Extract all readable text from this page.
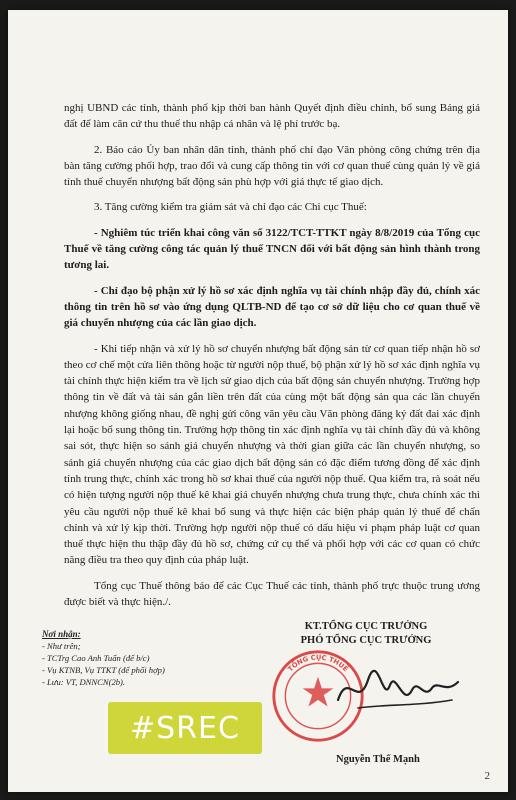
nghị UBND các tỉnh, thành phố kịp thời ban hành Quyết định điều chỉnh, bổ sung Bảng giá đất để làm căn cứ thu thuế thu nhập cá nhân và lệ phí trước bạ.

2. Báo cáo Ủy ban nhân dân tỉnh, thành phố chỉ đạo Văn phòng công chứng trên địa bàn tăng cường phối hợp, trao đổi và cung cấp thông tin với cơ quan thuế cùng quản lý về giá tính thuế chuyển nhượng bất động sản phù hợp với giá thực tế giao dịch.

3. Tăng cường kiểm tra giám sát và chỉ đạo các Chi cục Thuế:

- Nghiêm túc triển khai công văn số 3122/TCT-TTKT ngày 8/8/2019 của Tổng cục Thuế về tăng cường công tác quản lý thuế TNCN đối với bất động sản hình thành trong tương lai.

- Chỉ đạo bộ phận xử lý hồ sơ xác định nghĩa vụ tài chính nhập đầy đủ, chính xác thông tin trên hồ sơ vào ứng dụng QLTB-ND để tạo cơ sở dữ liệu cho cơ quan thuế về giá chuyển nhượng của các lần giao dịch.

- Khi tiếp nhận và xử lý hồ sơ chuyển nhượng bất động sản từ cơ quan tiếp nhận hồ sơ theo cơ chế một cửa liên thông hoặc từ người nộp thuế, bộ phận xử lý hồ sơ xác định nghĩa vụ tài chính thực hiện kiểm tra về lịch sử giao dịch của bất động sản chuyển nhượng. Trường hợp thông tin về đất và tài sản gắn liền trên đất của cùng một bất động sản qua các lần chuyển nhượng không giống nhau, đề nghị gửi công văn yêu cầu Văn phòng đăng ký đất đai xác định lại hoặc bổ sung thông tin. Trường hợp thông tin xác định nghĩa vụ tài chính đầy đủ và không sai sót, thực hiện so sánh giá chuyển nhượng và thời gian giữa các lần chuyển nhượng, so sánh giá chuyển nhượng của các giao dịch bất động sản có đặc điểm tương đồng để xác định tính trung thực, chính xác trong hồ sơ khai thuế của người nộp thuế. Qua kiểm tra, rà soát nếu có hiện tượng người nộp thuế kê khai giá chuyển nhượng chưa trung thực, chưa chính xác thì yêu cầu người nộp thuế kê khai bổ sung và thực hiện các biện pháp quản lý thuế để chấn chỉnh và xử lý kịp thời. Trường hợp người nộp thuế có dấu hiệu vi phạm pháp luật cơ quan thuế thực hiện thu thập đầy đủ hồ sơ, chứng cứ cụ thể và phối hợp với các cơ quan có chức năng điều tra theo quy định của pháp luật.

Tổng cục Thuế thông báo để các Cục Thuế các tỉnh, thành phố trực thuộc trung ương được biết và thực hiện./.

KT.TỔNG CỤC TRƯỞNG
PHÓ TỔNG CỤC TRƯỞNG
TỔNG CỤC THUẾ
Nguyễn Thế Mạnh
Nơi nhận:
- Như trên;
- TCTrg Cao Anh Tuấn (để b/c)
- Vụ KTNB, Vụ TTKT (để phối hợp)
- Lưu: VT, DNNCN(2b).
#SREC
2
